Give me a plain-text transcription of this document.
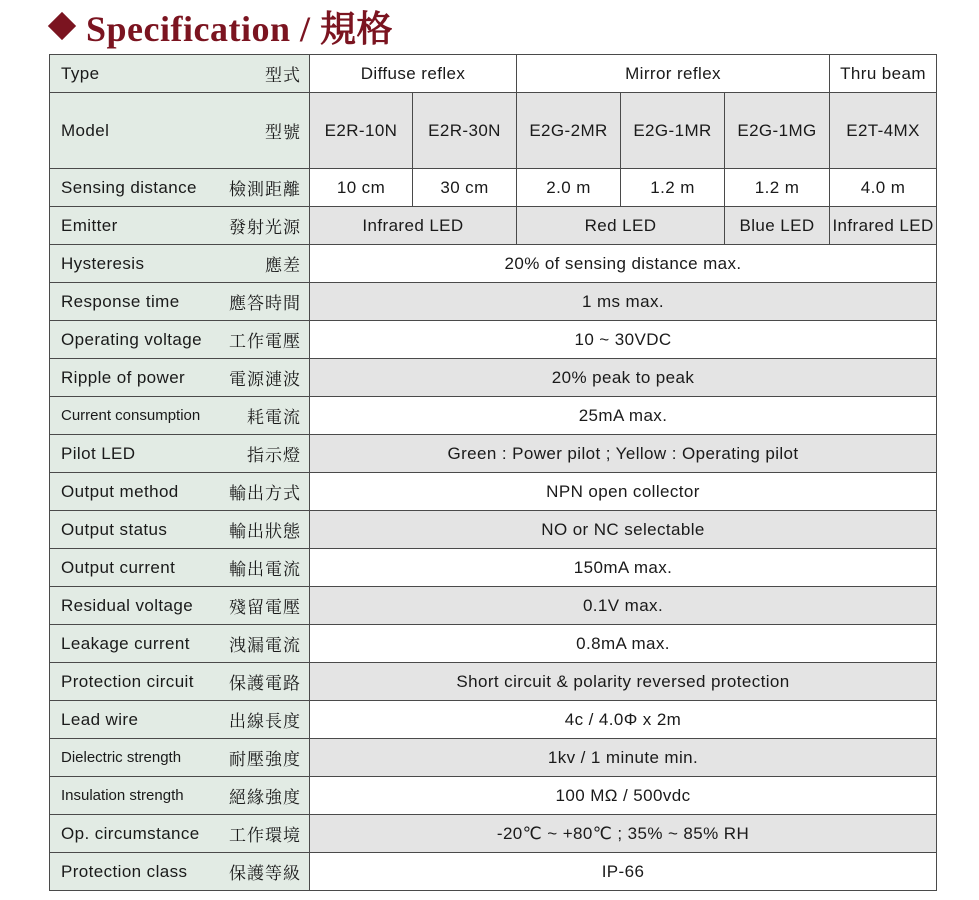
Specification / 規格
Type 型式	Diffuse reflex		Mirror reflex			Thru beam

Model 型號	E2R-10N	E2R-30N	E2G-2MR	E2G-1MR	E2G-1MG	E2T-4MX

Sensing distance 檢測距離	10 cm	30 cm	2.0 m	1.2 m	1.2 m	4.0 m

Emitter 發射光源	Infrared LED		Red LED		Blue LED	Infrared LED

Hysteresis 應差	20% of sensing distance max.					

Response time 應答時間	1 ms max.					

Operating voltage 工作電壓	10 ~ 30VDC					

Ripple of power 電源漣波	20% peak to peak					

Current consumption 耗電流	25mA max.					

Pilot LED 指示燈	Green : Power pilot ; Yellow : Operating pilot					

Output method 輸出方式	NPN open collector					

Output status 輸出狀態	NO or NC selectable					

Output current 輸出電流	150mA max.					

Residual voltage 殘留電壓	0.1V max.					

Leakage current 洩漏電流	0.8mA max.					

Protection circuit 保護電路	Short circuit & polarity reversed protection					

Lead wire 出線長度	4c / 4.0Φ x 2m					

Dielectric strength 耐壓強度	1kv / 1 minute min.					

Insulation strength 絕緣強度	100 MΩ / 500vdc					

Op. circumstance 工作環境	-20℃ ~ +80℃ ; 35% ~ 85% RH					

Protection class 保護等級	IP-66					
